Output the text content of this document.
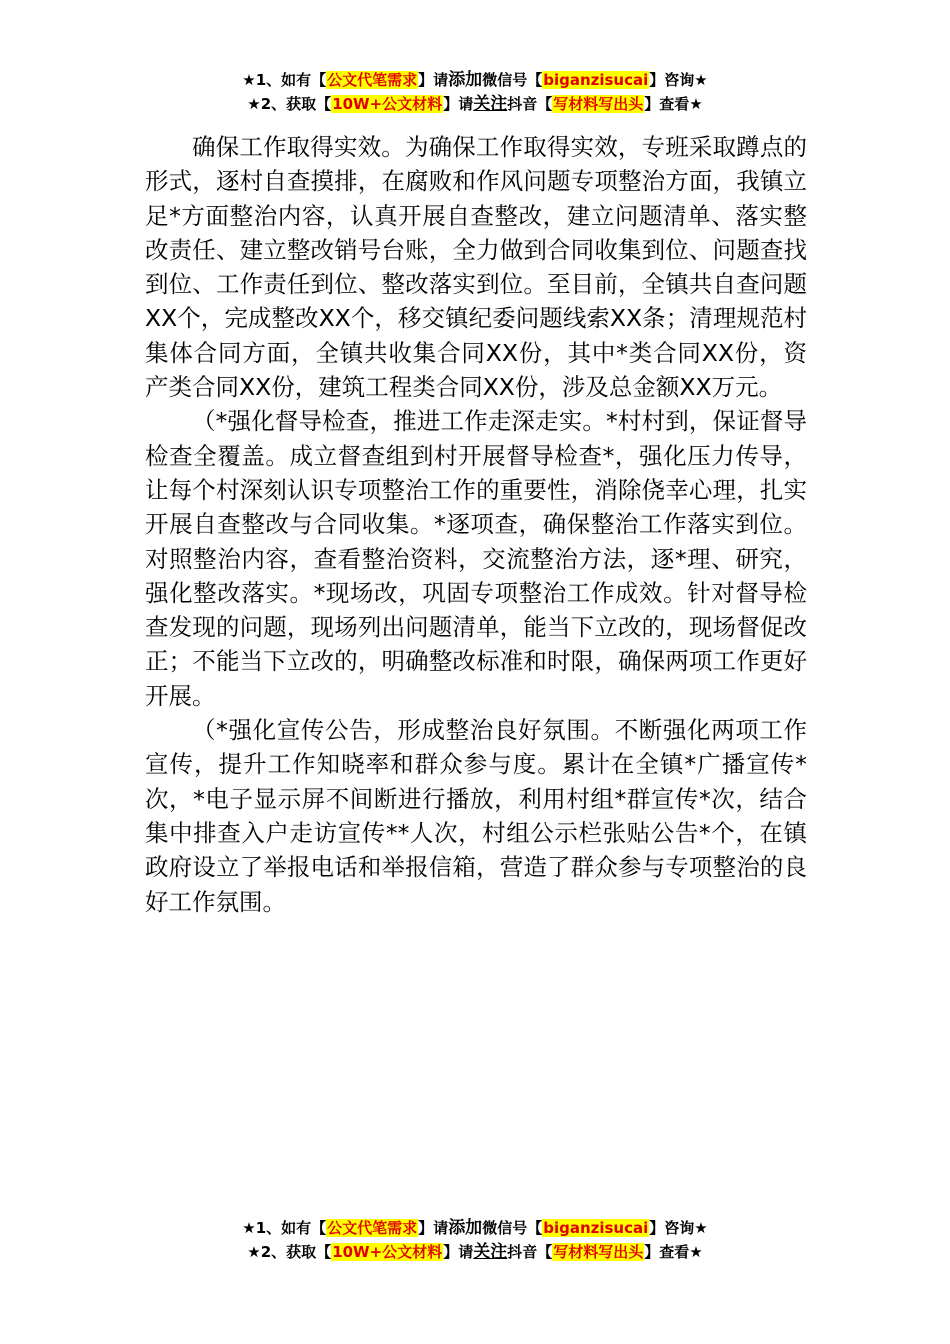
★1、如有【公文代笔需求】请添加微信号【biganzisucai】咨询★
★2、获取【10W+公文材料】请关注抖音【写材料写出头】查看★

确保工作取得实效。为确保工作取得实效，专班采取蹲点的形式，逐村自查摸排，在腐败和作风问题专项整治方面，我镇立足*方面整治内容，认真开展自查整改，建立问题清单、落实整改责任、建立整改销号台账，全力做到合同收集到位、问题查找到位、工作责任到位、整改落实到位。至目前，全镇共自查问题XX个，完成整改XX个，移交镇纪委问题线索XX条；清理规范村集体合同方面，全镇共收集合同XX份，其中*类合同XX份，资产类合同XX份，建筑工程类合同XX份，涉及总金额XX万元。

（*强化督导检查，推进工作走深走实。*村村到，保证督导检查全覆盖。成立督查组到村开展督导检查*，强化压力传导，让每个村深刻认识专项整治工作的重要性，消除侥幸心理，扎实开展自查整改与合同收集。*逐项查，确保整治工作落实到位。对照整治内容，查看整治资料，交流整治方法，逐*理、研究，强化整改落实。*现场改，巩固专项整治工作成效。针对督导检查发现的问题，现场列出问题清单，能当下立改的，现场督促改正；不能当下立改的，明确整改标准和时限，确保两项工作更好开展。

（*强化宣传公告，形成整治良好氛围。不断强化两项工作宣传，提升工作知晓率和群众参与度。累计在全镇*广播宣传*次，*电子显示屏不间断进行播放，利用村组*群宣传*次，结合集中排查入户走访宣传**人次，村组公示栏张贴公告*个，在镇政府设立了举报电话和举报信箱，营造了群众参与专项整治的良好工作氛围。

★1、如有【公文代笔需求】请添加微信号【biganzisucai】咨询★
★2、获取【10W+公文材料】请关注抖音【写材料写出头】查看★
